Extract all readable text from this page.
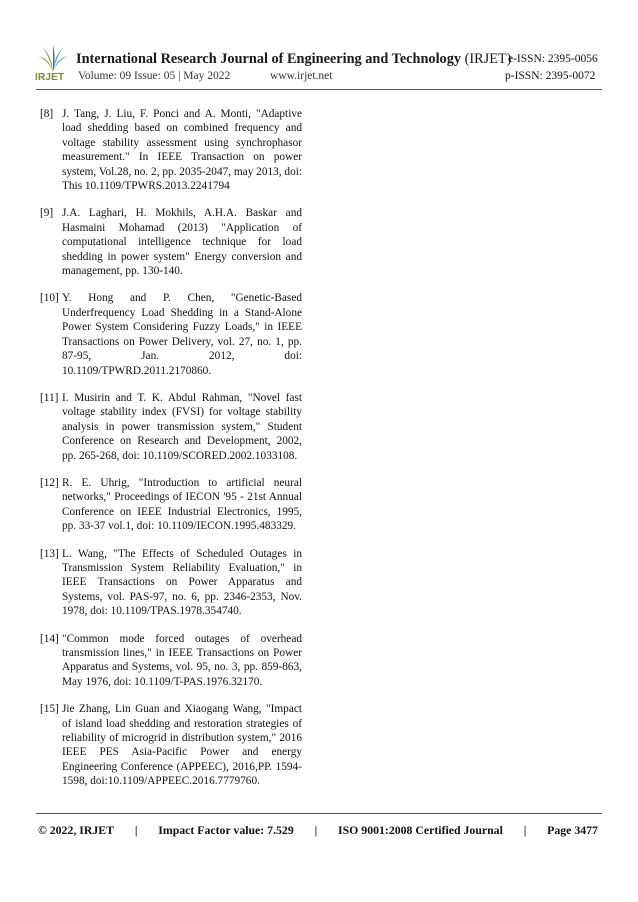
IRJET
International Research Journal of Engineering and Technology (IRJET)
e-ISSN: 2395-0056
Volume: 09 Issue: 05 | May 2022	www.irjet.net	p-ISSN: 2395-0072
[8] J. Tang, J. Liu, F. Ponci and A. Monti, "Adaptive load shedding based on combined frequency and voltage stability assessment using synchrophasor measurement." In IEEE Transaction on power system, Vol.28, no. 2, pp. 2035-2047, may 2013, doi: This 10.1109/TPWRS.2013.2241794
[9] J.A. Laghari, H. Mokhils, A.H.A. Baskar and Hasmaini Mohamad (2013) "Application of computational intelligence technique for load shedding in power system" Energy conversion and management, pp. 130-140.
[10] Y. Hong and P. Chen, "Genetic-Based Underfrequency Load Shedding in a Stand-Alone Power System Considering Fuzzy Loads," in IEEE Transactions on Power Delivery, vol. 27, no. 1, pp. 87-95, Jan. 2012, doi: 10.1109/TPWRD.2011.2170860.
[11] I. Musirin and T. K. Abdul Rahman, "Novel fast voltage stability index (FVSI) for voltage stability analysis in power transmission system," Student Conference on Research and Development, 2002, pp. 265-268, doi: 10.1109/SCORED.2002.1033108.
[12] R. E. Uhrig, "Introduction to artificial neural networks," Proceedings of IECON '95 - 21st Annual Conference on IEEE Industrial Electronics, 1995, pp. 33-37 vol.1, doi: 10.1109/IECON.1995.483329.
[13] L. Wang, "The Effects of Scheduled Outages in Transmission System Reliability Evaluation," in IEEE Transactions on Power Apparatus and Systems, vol. PAS-97, no. 6, pp. 2346-2353, Nov. 1978, doi: 10.1109/TPAS.1978.354740.
[14] "Common mode forced outages of overhead transmission lines," in IEEE Transactions on Power Apparatus and Systems, vol. 95, no. 3, pp. 859-863, May 1976, doi: 10.1109/T-PAS.1976.32170.
[15] Jie Zhang, Lin Guan and Xiaogang Wang, "Impact of island load shedding and restoration strategies of reliability of microgrid in distribution system," 2016 IEEE PES Asia-Pacific Power and energy Engineering Conference (APPEEC), 2016,PP. 1594-1598, doi:10.1109/APPEEC.2016.7779760.
© 2022, IRJET | Impact Factor value: 7.529 | ISO 9001:2008 Certified Journal | Page 3477
